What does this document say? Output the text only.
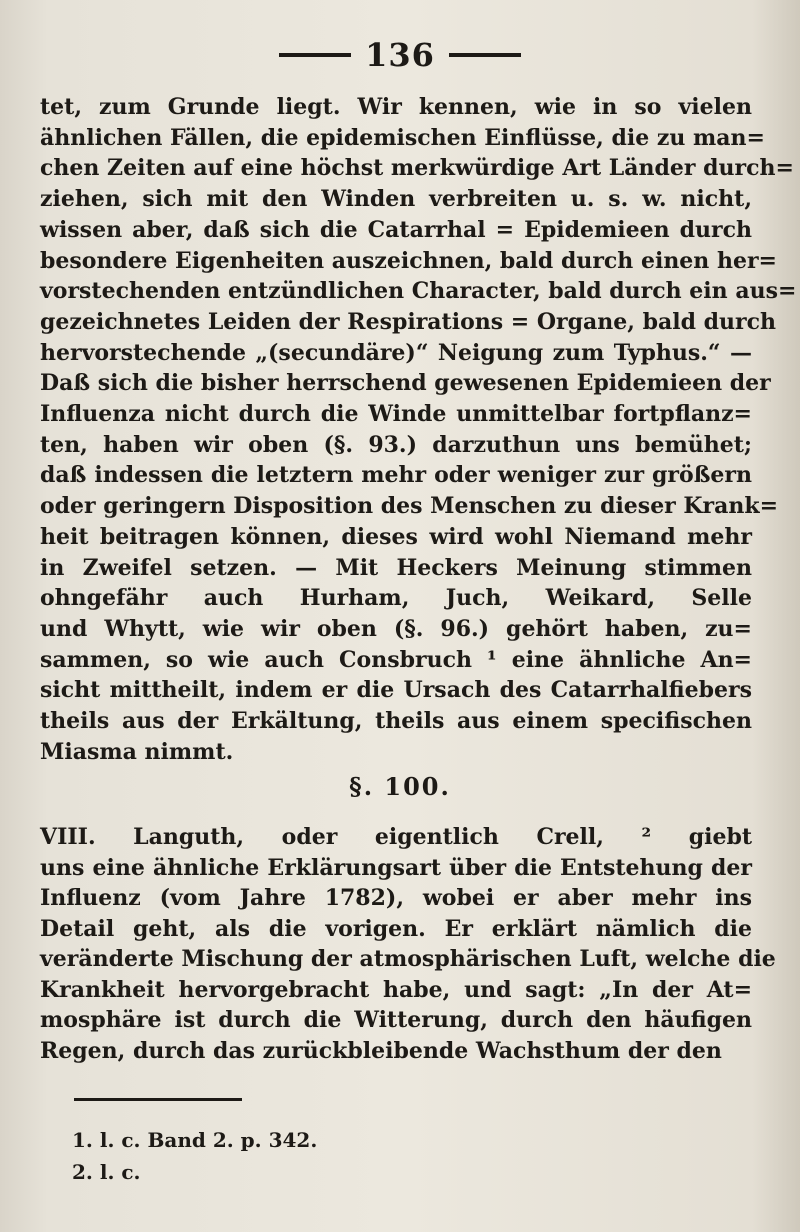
136
tet, zum Grunde liegt. Wir kennen, wie in so vielen
ähnlichen Fällen, die epidemischen Einflüsse, die zu man=
chen Zeiten auf eine höchst merkwürdige Art Länder durch=
ziehen, sich mit den Winden verbreiten u. s. w. nicht,
wissen aber, daß sich die Catarrhal = Epidemieen durch
besondere Eigenheiten auszeichnen, bald durch einen her=
vorstechenden entzündlichen Character, bald durch ein aus=
gezeichnetes Leiden der Respirations = Organe, bald durch
hervorstechende „(secundäre)“ Neigung zum Typhus.“ —
Daß sich die bisher herrschend gewesenen Epidemieen der
Influenza nicht durch die Winde unmittelbar fortpflanz=
ten, haben wir oben (§. 93.) darzuthun uns bemühet;
daß indessen die letztern mehr oder weniger zur größern
oder geringern Disposition des Menschen zu dieser Krank=
heit beitragen können, dieses wird wohl Niemand mehr
in Zweifel setzen. — Mit Heckers Meinung stimmen
ohngefähr auch Hurham, Juch, Weikard, Selle
und Whytt, wie wir oben (§. 96.) gehört haben, zu=
sammen, so wie auch Consbruch ¹ eine ähnliche An=
sicht mittheilt, indem er die Ursach des Catarrhalfiebers
theils aus der Erkältung, theils aus einem specifischen
Miasma nimmt.
§. 100.
VIII. Languth, oder eigentlich Crell, ² giebt
uns eine ähnliche Erklärungsart über die Entstehung der
Influenz (vom Jahre 1782), wobei er aber mehr ins
Detail geht, als die vorigen. Er erklärt nämlich die
veränderte Mischung der atmosphärischen Luft, welche die
Krankheit hervorgebracht habe, und sagt: „In der At=
mosphäre ist durch die Witterung, durch den häufigen
Regen, durch das zurückbleibende Wachsthum der den
1. l. c. Band 2. p. 342.
2. l. c.
